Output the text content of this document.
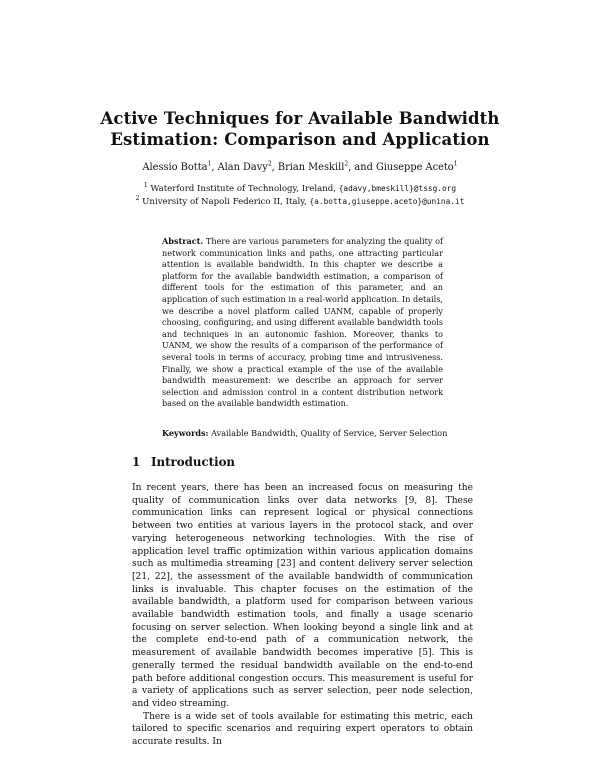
Active Techniques for Available Bandwidth
Estimation: Comparison and Application
Alessio Botta$^1$, Alan Davy$^2$, Brian Meskill$^2$, and Giuseppe Aceto$^1$
$^1$ Waterford Institute of Technology, Ireland, {adavy,bmeskill}@tssg.org
$^2$ University of Napoli Federico II, Italy, {a.botta,giuseppe.aceto}@unina.it
Abstract. There are various parameters for analyzing the quality of network communication links and paths, one attracting particular attention is available bandwidth. In this chapter we describe a platform for the available bandwidth estimation, a comparison of different tools for the estimation of this parameter, and an application of such estimation in a real-world application. In details, we describe a novel platform called UANM, capable of properly choosing, configuring, and using different available bandwidth tools and techniques in an autonomic fashion. Moreover, thanks to UANM, we show the results of a comparison of the performance of several tools in terms of accuracy, probing time and intrusiveness. Finally, we show a practical example of the use of the available bandwidth measurement: we describe an approach for server selection and admission control in a content distribution network based on the available bandwidth estimation.
Keywords: Available Bandwidth, Quality of Service, Server Selection
1 Introduction

In recent years, there has been an increased focus on measuring the quality of communication links over data networks [9, 8]. These communication links can represent logical or physical connections between two entities at various layers in the protocol stack, and over varying heterogeneous networking technologies. With the rise of application level traffic optimization within various application domains such as multimedia streaming [23] and content delivery server selection [21, 22], the assessment of the available bandwidth of communication links is invaluable. This chapter focuses on the estimation of the available bandwidth, a platform used for comparison between various available bandwidth estimation tools, and finally a usage scenario focusing on server selection. When looking beyond a single link and at the complete end-to-end path of a communication network, the measurement of available bandwidth becomes imperative [5]. This is generally termed the residual bandwidth available on the end-to-end path before additional congestion occurs. This measurement is useful for a variety of applications such as server selection, peer node selection, and video streaming.

There is a wide set of tools available for estimating this metric, each tailored to specific scenarios and requiring expert operators to obtain accurate results. In
